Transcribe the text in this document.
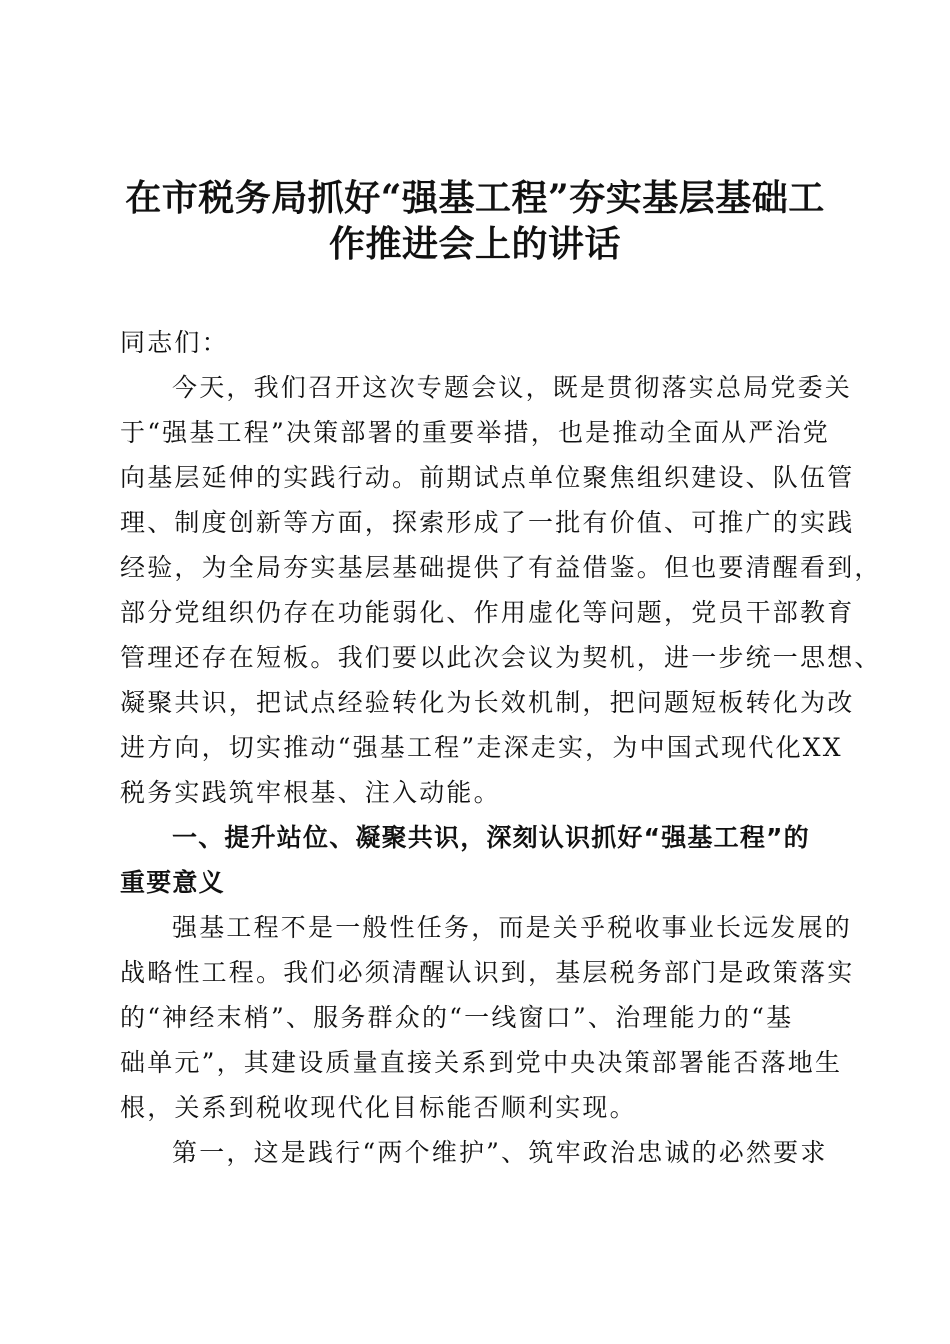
在市税务局抓好“强基工程”夯实基层基础工
作推进会上的讲话
同志们：
今天，我们召开这次专题会议，既是贯彻落实总局党委关
于“强基工程”决策部署的重要举措，也是推动全面从严治党
向基层延伸的实践行动。前期试点单位聚焦组织建设、队伍管
理、制度创新等方面，探索形成了一批有价值、可推广的实践
经验，为全局夯实基层基础提供了有益借鉴。但也要清醒看到，
部分党组织仍存在功能弱化、作用虚化等问题，党员干部教育
管理还存在短板。我们要以此次会议为契机，进一步统一思想、
凝聚共识，把试点经验转化为长效机制，把问题短板转化为改
进方向，切实推动“强基工程”走深走实，为中国式现代化XX
税务实践筑牢根基、注入动能。
一、提升站位、凝聚共识，深刻认识抓好“强基工程”的
重要意义
强基工程不是一般性任务，而是关乎税收事业长远发展的
战略性工程。我们必须清醒认识到，基层税务部门是政策落实
的“神经末梢”、服务群众的“一线窗口”、治理能力的“基
础单元”，其建设质量直接关系到党中央决策部署能否落地生
根，关系到税收现代化目标能否顺利实现。
第一，这是践行“两个维护”、筑牢政治忠诚的必然要求
